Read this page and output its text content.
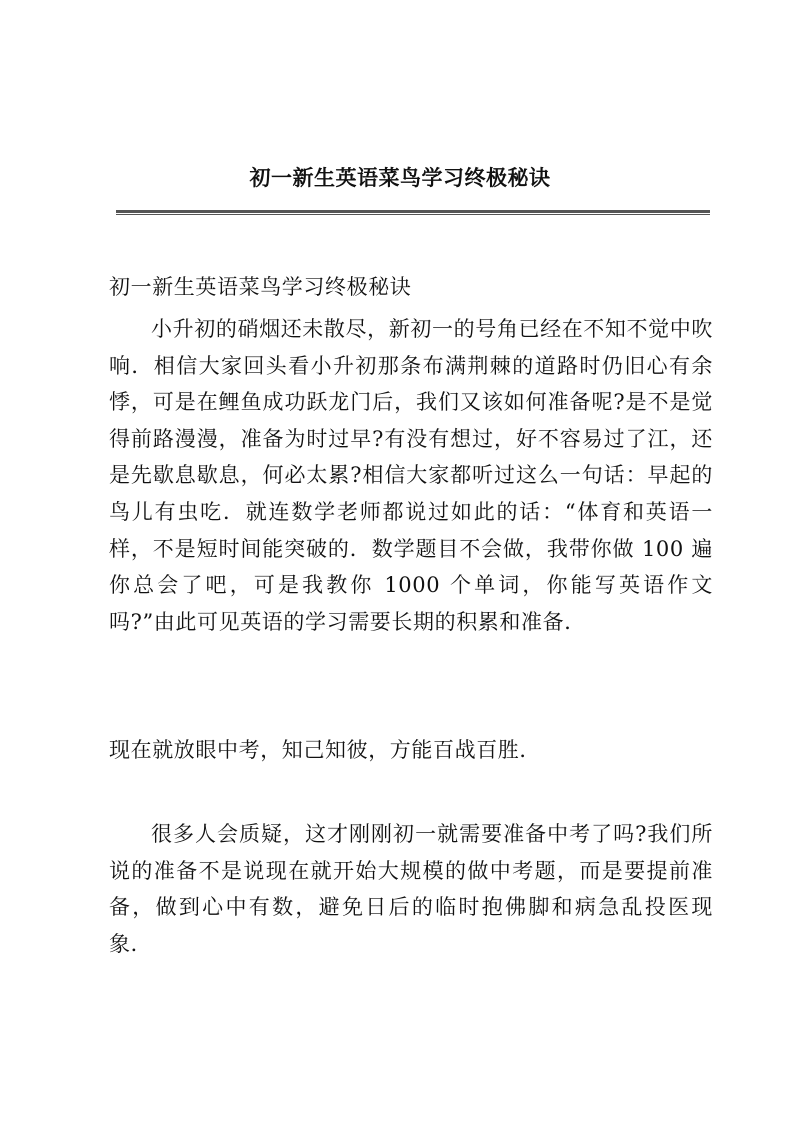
初一新生英语菜鸟学习终极秘诀

初一新生英语菜鸟学习终极秘诀

小升初的硝烟还未散尽，新初一的号角已经在不知不觉中吹响．相信大家回头看小升初那条布满荆棘的道路时仍旧心有余悸，可是在鲤鱼成功跃龙门后，我们又该如何准备呢?是不是觉得前路漫漫，准备为时过早?有没有想过，好不容易过了江，还是先歇息歇息，何必太累?相信大家都听过这么一句话：早起的鸟儿有虫吃．就连数学老师都说过如此的话：“体育和英语一样，不是短时间能突破的．数学题目不会做，我带你做 100 遍你总会了吧，可是我教你 1000 个单词，你能写英语作文吗?”由此可见英语的学习需要长期的积累和准备．

现在就放眼中考，知己知彼，方能百战百胜．

很多人会质疑，这才刚刚初一就需要准备中考了吗?我们所说的准备不是说现在就开始大规模的做中考题，而是要提前准备，做到心中有数，避免日后的临时抱佛脚和病急乱投医现象．
